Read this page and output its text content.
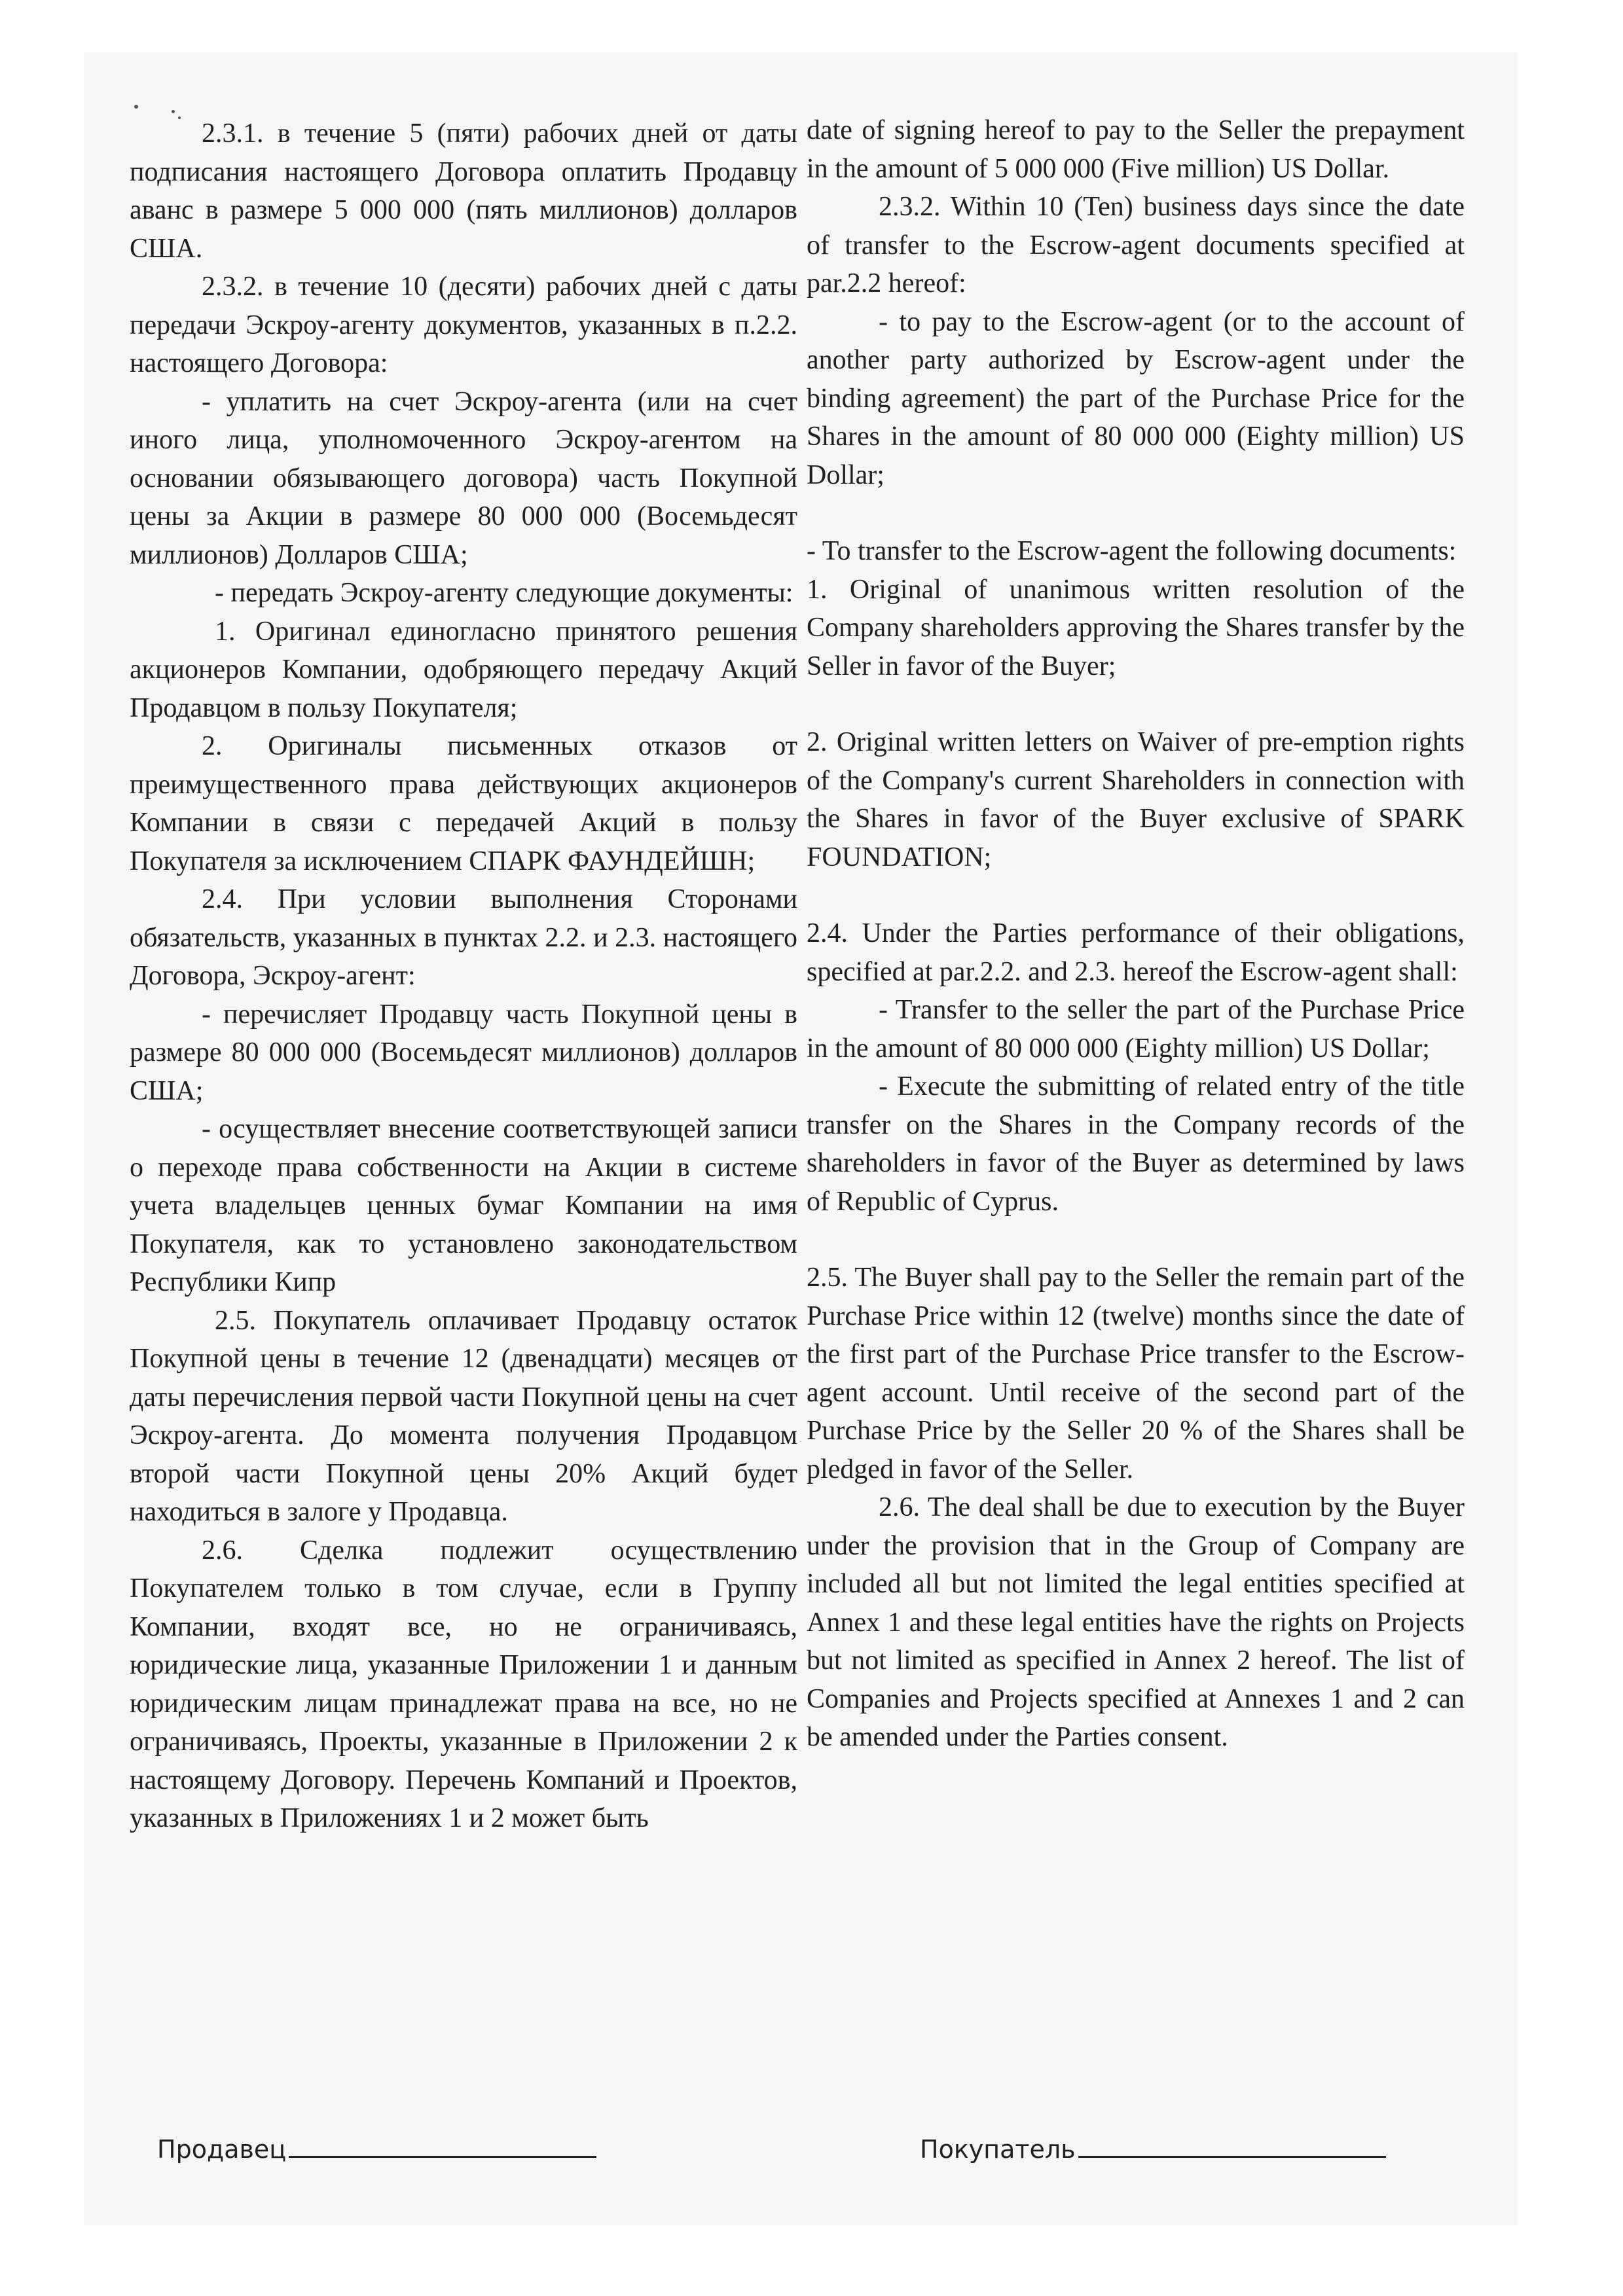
2.3.1. в течение 5 (пяти) рабочих дней от даты подписания настоящего Договора оплатить Продавцу аванс в размере 5 000 000 (пять миллионов) долларов США.

2.3.2. в течение 10 (десяти) рабочих дней с даты передачи Эскроу-агенту документов, указанных в п.2.2. настоящего Договора:

- уплатить на счет Эскроу-агента (или на счет иного лица, уполномоченного Эскроу-агентом на основании обязывающего договора) часть Покупной цены за Акции в размере 80 000 000 (Восемьдесят миллионов) Долларов США;

- передать Эскроу-агенту следующие документы:

1. Оригинал единогласно принятого решения акционеров Компании, одобряющего передачу Акций Продавцом в пользу Покупателя;

2. Оригиналы письменных отказов от преимущественного права действующих акционеров Компании в связи с передачей Акций в пользу Покупателя за исключением СПАРК ФАУНДЕЙШН;

2.4. При условии выполнения Сторонами обязательств, указанных в пунктах 2.2. и 2.3. настоящего Договора, Эскроу-агент:

- перечисляет Продавцу часть Покупной цены в размере 80 000 000 (Восемьдесят миллионов) долларов США;

- осуществляет внесение соответствующей записи о переходе права собственности на Акции в системе учета владельцев ценных бумаг Компании на имя Покупателя, как то установлено законодательством Республики Кипр

2.5. Покупатель оплачивает Продавцу остаток Покупной цены в течение 12 (двенадцати) месяцев от даты перечисления первой части Покупной цены на счет Эскроу-агента. До момента получения Продавцом второй части Покупной цены 20% Акций будет находиться в залоге у Продавца.

2.6. Сделка подлежит осуществлению Покупателем только в том случае, если в Группу Компании, входят все, но не ограничиваясь, юридические лица, указанные Приложении 1 и данным юридическим лицам принадлежат права на все, но не ограничиваясь, Проекты, указанные в Приложении 2 к настоящему Договору. Перечень Компаний и Проектов, указанных в Приложениях 1 и 2 может быть

date of signing hereof to pay to the Seller the prepayment in the amount of 5 000 000 (Five million) US Dollar.

2.3.2. Within 10 (Ten) business days since the date of transfer to the Escrow-agent documents specified at par.2.2 hereof:

- to pay to the Escrow-agent (or to the account of another party authorized by Escrow-agent under the binding agreement) the part of the Purchase Price for the Shares in the amount of 80 000 000 (Eighty million) US Dollar;

- To transfer to the Escrow-agent the following documents:

1. Original of unanimous written resolution of the Company shareholders approving the Shares transfer by the Seller in favor of the Buyer;

2. Original written letters on Waiver of pre-emption rights of the Company's current Shareholders in connection with the Shares in favor of the Buyer exclusive of SPARK FOUNDATION;

2.4. Under the Parties performance of their obligations, specified at par.2.2. and 2.3. hereof the Escrow-agent shall:

- Transfer to the seller the part of the Purchase Price in the amount of 80 000 000 (Eighty million) US Dollar;

- Execute the submitting of related entry of the title transfer on the Shares in the Company records of the shareholders in favor of the Buyer as determined by laws of Republic of Cyprus.

2.5. The Buyer shall pay to the Seller the remain part of the Purchase Price within 12 (twelve) months since the date of the first part of the Purchase Price transfer to the Escrow-agent account. Until receive of the second part of the Purchase Price by the Seller 20 % of the Shares shall be pledged in favor of the Seller.

2.6. The deal shall be due to execution by the Buyer under the provision that in the Group of Company are included all but not limited the legal entities specified at Annex 1 and these legal entities have the rights on Projects but not limited as specified in Annex 2 hereof. The list of Companies and Projects specified at Annexes 1 and 2 can be amended under the Parties consent.

Продавец	Покупатель
